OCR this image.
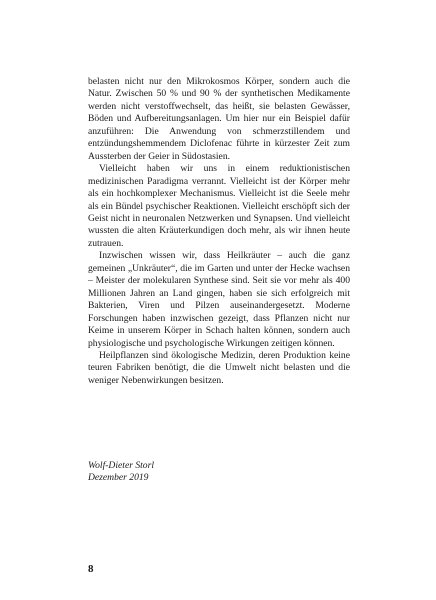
belasten nicht nur den Mikrokosmos Körper, sondern auch die Natur. Zwischen 50 % und 90 % der synthetischen Medikamente werden nicht verstoffwechselt, das heißt, sie belasten Gewässer, Böden und Aufbereitungsanlagen. Um hier nur ein Beispiel dafür anzuführen: Die Anwendung von schmerzstillendem und entzündungshemmendem Diclofenac führte in kürzester Zeit zum Aussterben der Geier in Südostasien.

Vielleicht haben wir uns in einem reduktionistischen medizinischen Paradigma verrannt. Vielleicht ist der Körper mehr als ein hochkomplexer Mechanismus. Vielleicht ist die Seele mehr als ein Bündel psychischer Reaktionen. Vielleicht erschöpft sich der Geist nicht in neuronalen Netzwerken und Synapsen. Und vielleicht wussten die alten Kräuterkundigen doch mehr, als wir ihnen heute zutrauen.

Inzwischen wissen wir, dass Heilkräuter – auch die ganz gemeinen „Unkräuter“, die im Garten und unter der Hecke wachsen – Meister der molekularen Synthese sind. Seit sie vor mehr als 400 Millionen Jahren an Land gingen, haben sie sich erfolgreich mit Bakterien, Viren und Pilzen auseinandergesetzt. Moderne Forschungen haben inzwischen gezeigt, dass Pflanzen nicht nur Keime in unserem Körper in Schach halten können, sondern auch physiologische und psychologische Wirkungen zeitigen können.

Heilpflanzen sind ökologische Medizin, deren Produktion keine teuren Fabriken benötigt, die die Umwelt nicht belasten und die weniger Nebenwirkungen besitzen.

Wolf-Dieter Storl
Dezember 2019
8
